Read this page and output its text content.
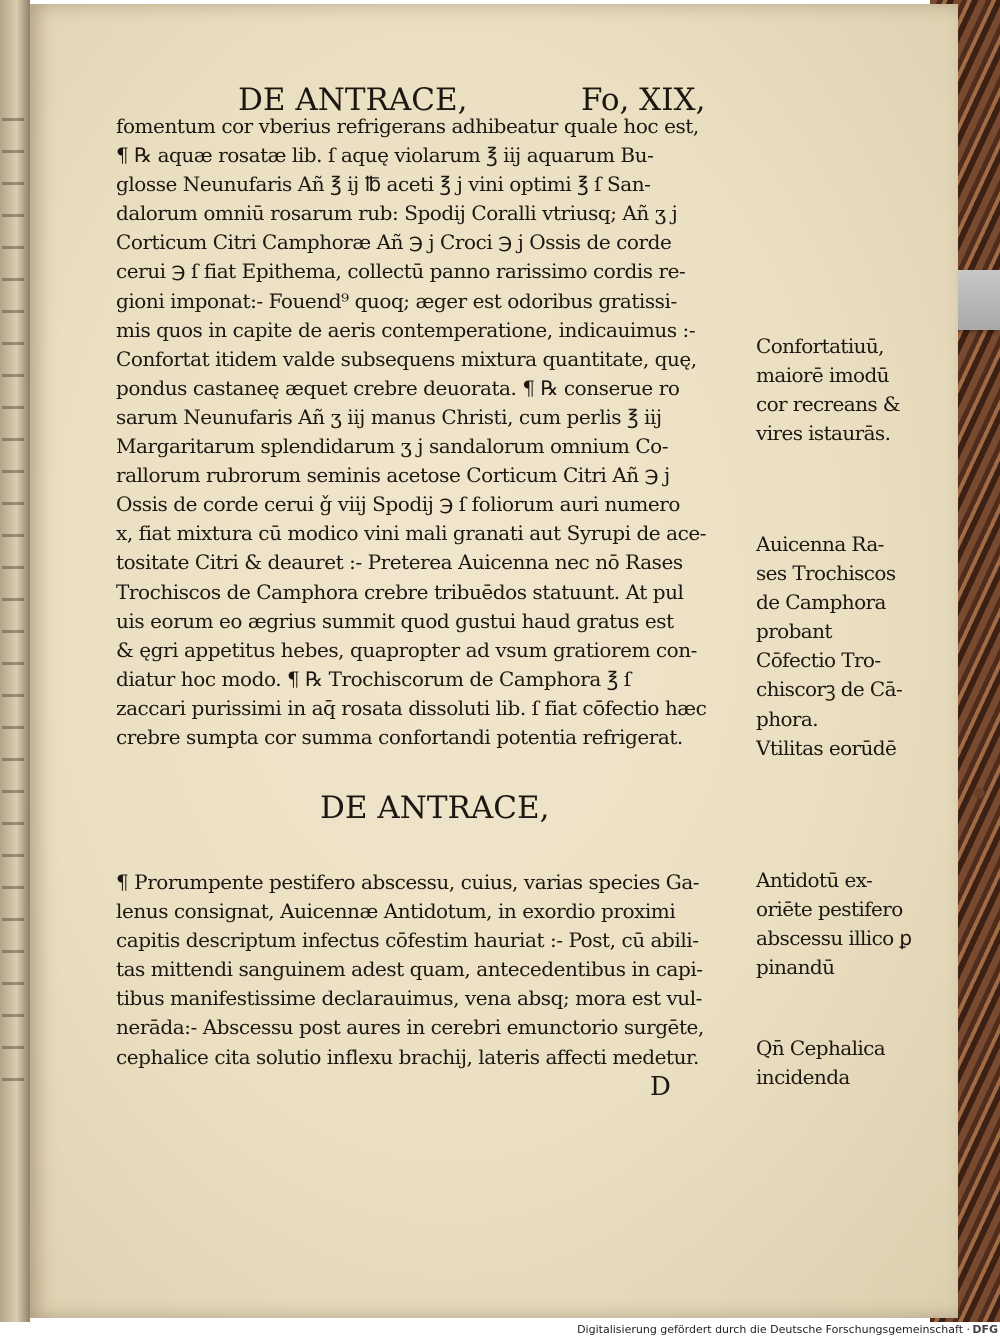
DE ANTRACE,	Fo, XIX,
fomentum cor vberius refrigerans adhibeatur quale hoc est,
¶ ℞ aquæ rosatæ lib. ſ aquę violarum ℥ iij aquarum Bu-
glosse Neunufaris Añ ℥ ij ℔ aceti ℥ j vini optimi ℥ ſ San-
dalorum omniū rosarum rub: Spodij Coralli vtriusq; Añ ʒ j
Corticum Citri Camphoræ Añ ℈ j Croci ℈ j Ossis de corde
cerui ℈ ſ fiat Epithema, collectū panno rarissimo cordis re-
gioni imponat:- Fouend⁹ quoq; æger est odoribus gratissi-
mis quos in capite de aeris contemperatione, indicauimus :-
Confortat itidem valde subsequens mixtura quantitate, quę,
pondus castaneę æquet crebre deuorata. ¶ ℞ conserue ro
sarum Neunufaris Añ ʒ iij manus Christi, cum perlis ℥ iij
Margaritarum splendidarum ʒ j sandalorum omnium Co-
rallorum rubrorum seminis acetose Corticum Citri Añ ℈ j
Ossis de corde cerui ǧ viij Spodij ℈ ſ foliorum auri numero
x, fiat mixtura cū modico vini mali granati aut Syrupi de ace-
tositate Citri & deauret :- Preterea Auicenna nec nō Rases
Trochiscos de Camphora crebre tribuēdos statuunt. At pul
uis eorum eo ægrius summit quod gustui haud gratus est
& ęgri appetitus hebes, quapropter ad vsum gratiorem con-
diatur hoc modo. ¶ ℞ Trochiscorum de Camphora ℥ ſ
zaccari purissimi in aq̄ rosata dissoluti lib. ſ fiat cōfectio hæc
crebre sumpta cor summa confortandi potentia refrigerat.
Confortatiuū,
maiorē imodū
cor recreans &
vires istaurās.
Auicenna Ra-
ses Trochiscos
de Camphora
probant
Cōfectio Tro-
chiscorꝫ de Cā-
phora.
Vtilitas eorūdē
DE ANTRACE,
¶ Prorumpente pestifero abscessu, cuius, varias species Ga-
lenus consignat, Auicennæ Antidotum, in exordio proximi
capitis descriptum infectus cōfestim hauriat :- Post, cū abili-
tas mittendi sanguinem adest quam, antecedentibus in capi-
tibus manifestissime declarauimus, vena absq; mora est vul-
nerāda:- Abscessu post aures in cerebri emunctorio surgēte,
cephalice cita solutio inflexu brachij, lateris affecti medetur.
Antidotū ex-
oriēte pestifero
abscessu illico ꝑ
pinandū
Qn̄ Cephalica
incidenda
D
Digitalisierung gefördert durch die Deutsche Forschungsgemeinschaft · DFG
